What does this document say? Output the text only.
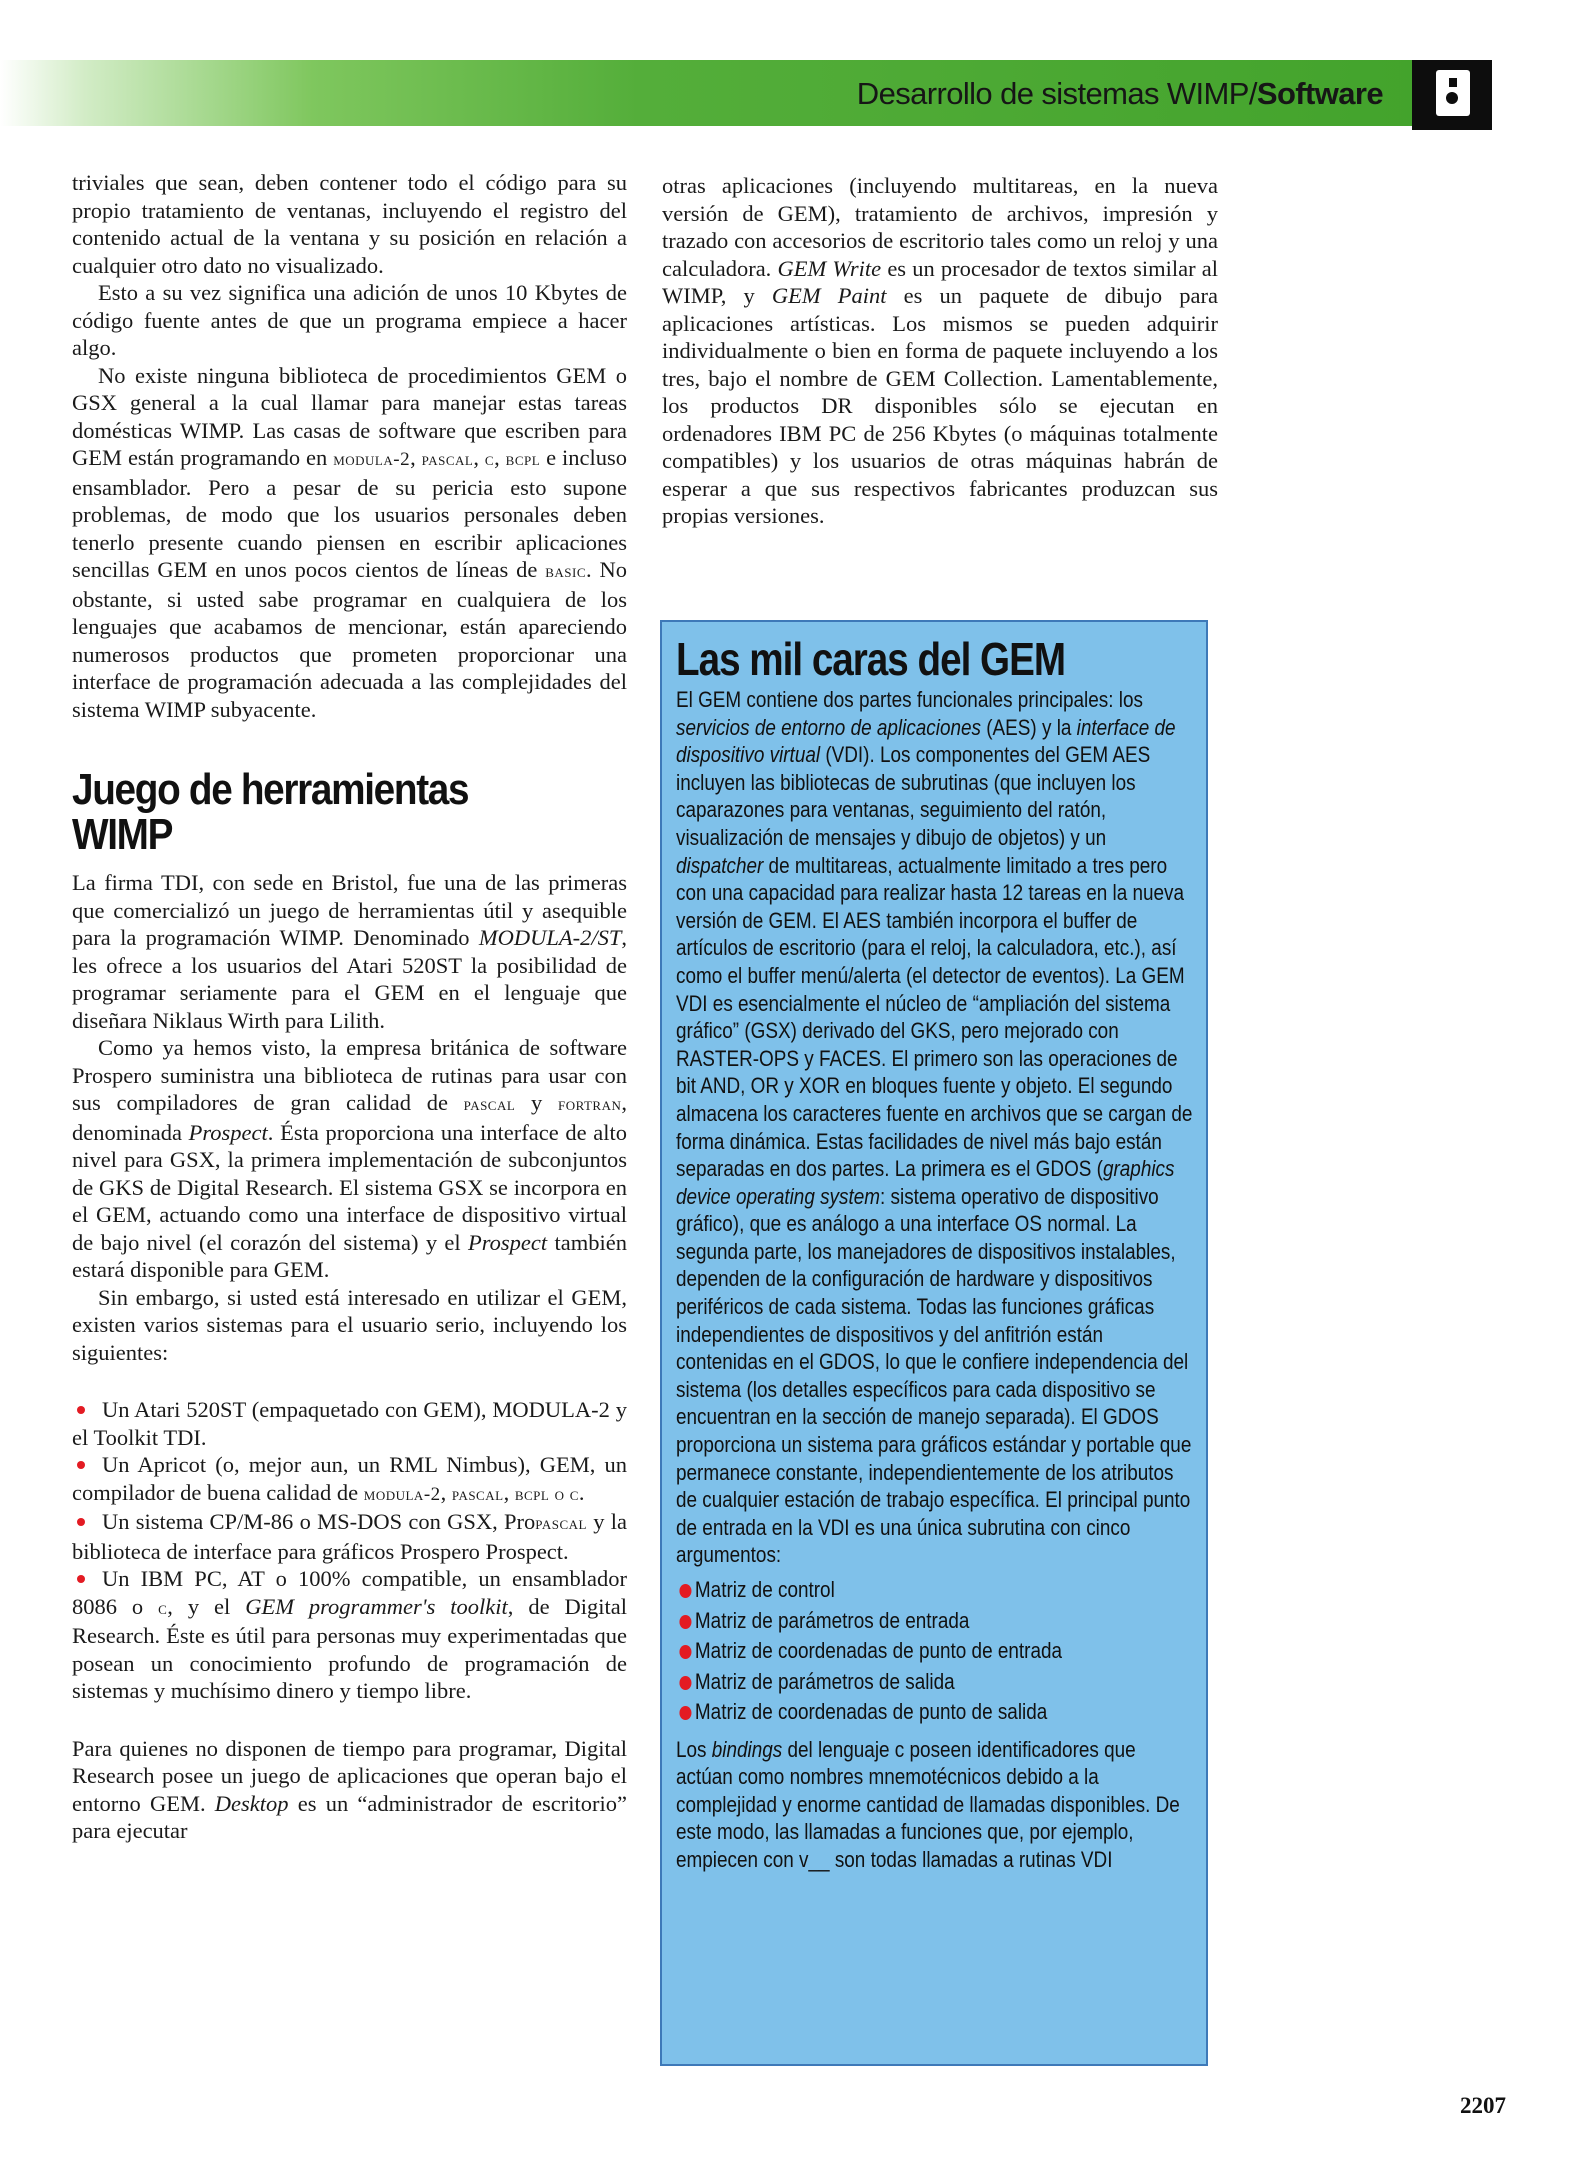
Desarrollo de sistemas WIMP/Software

triviales que sean, deben contener todo el código para su propio tratamiento de ventanas, incluyendo el registro del contenido actual de la ventana y su posición en relación a cualquier otro dato no visualizado.

Esto a su vez significa una adición de unos 10 Kbytes de código fuente antes de que un programa empiece a hacer algo.

No existe ninguna biblioteca de procedimientos GEM o GSX general a la cual llamar para manejar estas tareas domésticas WIMP. Las casas de software que escriben para GEM están programando en modula-2, pascal, c, bcpl e incluso ensamblador. Pero a pesar de su pericia esto supone problemas, de modo que los usuarios personales deben tenerlo presente cuando piensen en escribir aplicaciones sencillas GEM en unos pocos cientos de líneas de basic. No obstante, si usted sabe programar en cualquiera de los lenguajes que acabamos de mencionar, están apareciendo numerosos productos que prometen proporcionar una interface de programación adecuada a las complejidades del sistema WIMP subyacente.

Juego de herramientas
WIMP

La firma TDI, con sede en Bristol, fue una de las primeras que comercializó un juego de herramientas útil y asequible para la programación WIMP. Denominado MODULA-2/ST, les ofrece a los usuarios del Atari 520ST la posibilidad de programar seriamente para el GEM en el lenguaje que diseñara Niklaus Wirth para Lilith.

Como ya hemos visto, la empresa británica de software Prospero suministra una biblioteca de rutinas para usar con sus compiladores de gran calidad de pascal y fortran, denominada Prospect. Ésta proporciona una interface de alto nivel para GSX, la primera implementación de subconjuntos de GKS de Digital Research. El sistema GSX se incorpora en el GEM, actuando como una interface de dispositivo virtual de bajo nivel (el corazón del sistema) y el Prospect también estará disponible para GEM.

Sin embargo, si usted está interesado en utilizar el GEM, existen varios sistemas para el usuario serio, incluyendo los siguientes:

Un Atari 520ST (empaquetado con GEM), MODULA-2 y el Toolkit TDI.
Un Apricot (o, mejor aun, un RML Nimbus), GEM, un compilador de buena calidad de modula-2, pascal, bcpl o c.
Un sistema CP/M-86 o MS-DOS con GSX, Propascal y la biblioteca de interface para gráficos Prospero Prospect.
Un IBM PC, AT o 100% compatible, un ensamblador 8086 o c, y el GEM programmer's toolkit, de Digital Research. Éste es útil para personas muy experimentadas que posean un conocimiento profundo de programación de sistemas y muchísimo dinero y tiempo libre.

Para quienes no disponen de tiempo para programar, Digital Research posee un juego de aplicaciones que operan bajo el entorno GEM. Desktop es un “administrador de escritorio” para ejecutar

otras aplicaciones (incluyendo multitareas, en la nueva versión de GEM), tratamiento de archivos, impresión y trazado con accesorios de escritorio tales como un reloj y una calculadora. GEM Write es un procesador de textos similar al WIMP, y GEM Paint es un paquete de dibujo para aplicaciones artísticas. Los mismos se pueden adquirir individualmente o bien en forma de paquete incluyendo a los tres, bajo el nombre de GEM Collection. Lamentablemente, los productos DR disponibles sólo se ejecutan en ordenadores IBM PC de 256 Kbytes (o máquinas totalmente compatibles) y los usuarios de otras máquinas habrán de esperar a que sus respectivos fabricantes produzcan sus propias versiones.

Las mil caras del GEM

El GEM contiene dos partes funcionales principales: los servicios de entorno de aplicaciones (AES) y la interface de dispositivo virtual (VDI). Los componentes del GEM AES incluyen las bibliotecas de subrutinas (que incluyen los caparazones para ventanas, seguimiento del ratón, visualización de mensajes y dibujo de objetos) y un dispatcher de multitareas, actualmente limitado a tres pero con una capacidad para realizar hasta 12 tareas en la nueva versión de GEM. El AES también incorpora el buffer de artículos de escritorio (para el reloj, la calculadora, etc.), así como el buffer menú/alerta (el detector de eventos). La GEM VDI es esencialmente el núcleo de “ampliación del sistema gráfico” (GSX) derivado del GKS, pero mejorado con RASTER-OPS y FACES. El primero son las operaciones de bit AND, OR y XOR en bloques fuente y objeto. El segundo almacena los caracteres fuente en archivos que se cargan de forma dinámica. Estas facilidades de nivel más bajo están separadas en dos partes. La primera es el GDOS (graphics device operating system: sistema operativo de dispositivo gráfico), que es análogo a una interface OS normal. La segunda parte, los manejadores de dispositivos instalables, dependen de la configuración de hardware y dispositivos periféricos de cada sistema. Todas las funciones gráficas independientes de dispositivos y del anfitrión están contenidas en el GDOS, lo que le confiere independencia del sistema (los detalles específicos para cada dispositivo se encuentran en la sección de manejo separada). El GDOS proporciona un sistema para gráficos estándar y portable que permanece constante, independientemente de los atributos de cualquier estación de trabajo específica. El principal punto de entrada en la VDI es una única subrutina con cinco argumentos:

Matriz de control
Matriz de parámetros de entrada
Matriz de coordenadas de punto de entrada
Matriz de parámetros de salida
Matriz de coordenadas de punto de salida

Los bindings del lenguaje c poseen identificadores que actúan como nombres mnemotécnicos debido a la complejidad y enorme cantidad de llamadas disponibles. De este modo, las llamadas a funciones que, por ejemplo, empiecen con v__ son todas llamadas a rutinas VDI

2207
